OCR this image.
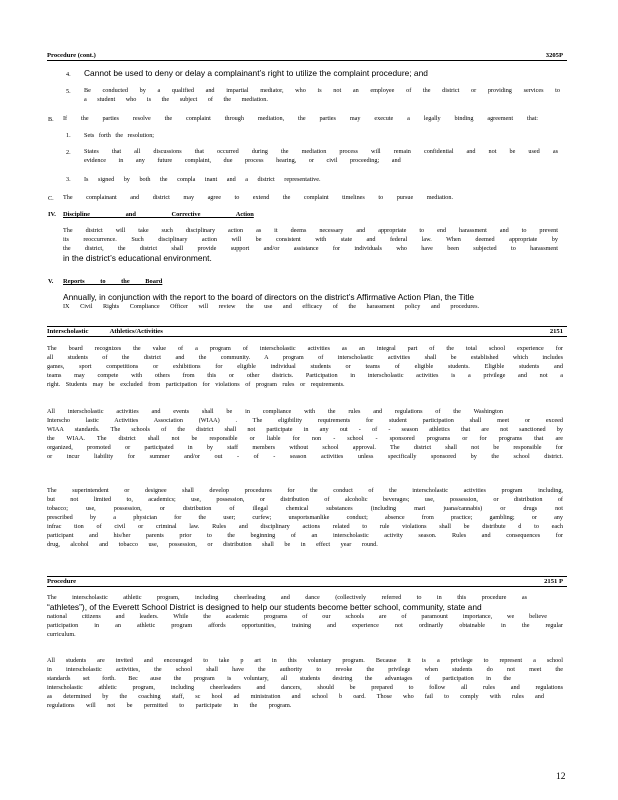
Procedure (cont.)	3205P
4. Cannot be used to deny or delay a complainant’s right to utilize the complaint procedure; and
5. Be conducted by a qualified and impartial mediator, who is not an employee of the district or providing services to
a student who is the subject of the mediation.
B. If the parties resolve the complaint through mediation, the parties may execute a legally binding agreement that:
1. Sets forth the resolution;
2. States that all discussions that occurred during the mediation process will remain confidential and not be used as
evidence in any future complaint, due process hearing, or civil proceeding; and
3. Is signed by both the compla inant and a district representative.
C. The complainant and district may agree to extend the complaint timelines to pursue mediation.
IV. Discipline and Corrective Action
The district will take such disciplinary action as it deems necessary and appropriate to end harassment and to prevent
its reoccurrence. Such disciplinary action will be consistent with state and federal law. When deemed appropriate by
the district, the district shall provide support and/or assistance for individuals who have been subjected to harassment
in the district’s educational environment.
V. Reports to the Board
Annually, in conjunction with the report to the board of directors on the district’s Affirmative Action Plan, the Title
IX Civil Rights Compliance Officer will review the use and efficacy of the harassment policy and procedures.
Interscholastic Athletics/Activities	2151
The board recognizes the value of a program of interscholastic activities as an integral part of the total school experience for
all students of the district and the community. A program of interscholastic activities shall be established which includes
games, sport competitions or exhibitions for eligible individual students or teams of eligible students. Eligible students and
teams may compete with others from this or other districts. Participation in interscholastic activities is a privilege and not a
right. Students may be excluded from participation for violations of program rules or requirements.
All interscholastic activities and events shall be in compliance with the rules and regulations of the Washington
Interscho lastic Activities Association (WIAA) . The eligibility requirements for student participation shall meet or exceed
WIAA standards. The schools of the district shall not participate in any out - of - season athletics that are not sanctioned by
the WIAA. The district shall not be responsible or liable for non - school - sponsored programs or for programs that are
organized, promoted or participated in by staff members without school approval. The district shall not be responsible for
or incur liability for summer and/or out - of - season activities unless specifically sponsored by the school district.
The superintendent or designee shall develop procedures for the conduct of the interscholastic activities program including,
but not limited to, academics; use, possession, or distribution of alcoholic beverages; use, possession, or distribution of
tobacco; use, possession, or distribution of illegal chemical substances (including mari juana/cannabis) or drugs not
prescribed by a physician for the user; curfew; unsportsmanlike conduct; absence from practice; gambling; or any
infrac tion of civil or criminal law. Rules and disciplinary actions related to rule violations shall be distribute d to each
participant and his/her parents prior to the beginning of an interscholastic activity season. Rules and consequences for
drug, alcohol and tobacco use, possession, or distribution shall be in effect year round.
Procedure	2151 P
The interscholastic athletic program, including cheerleading and dance (collectively referred to in this procedure as
“athletes”), of the Everett School District is designed to help our students become better school, community, state and
national citizens and leaders. While the academic programs of our schools are of paramount importance, we believe
participation in an athletic program affords opportunities, training and experience not ordinarily obtainable in the regular
curriculum.
All students are invited and encouraged to take p art in this voluntary program. Because it is a privilege to represent a school
in interscholastic activities, the school shall have the authority to revoke the privilege when students do not meet the
standards set forth. Bec ause the program is voluntary, all students desiring the advantages of participation in the
interscholastic athletic program, including cheerleaders and dancers, should be prepared to follow all rules and regulations
as determined by the coaching staff, sc hool ad ministration and school b oard. Those who fail to comply with rules and
regulations will not be permitted to participate in the program.
12
